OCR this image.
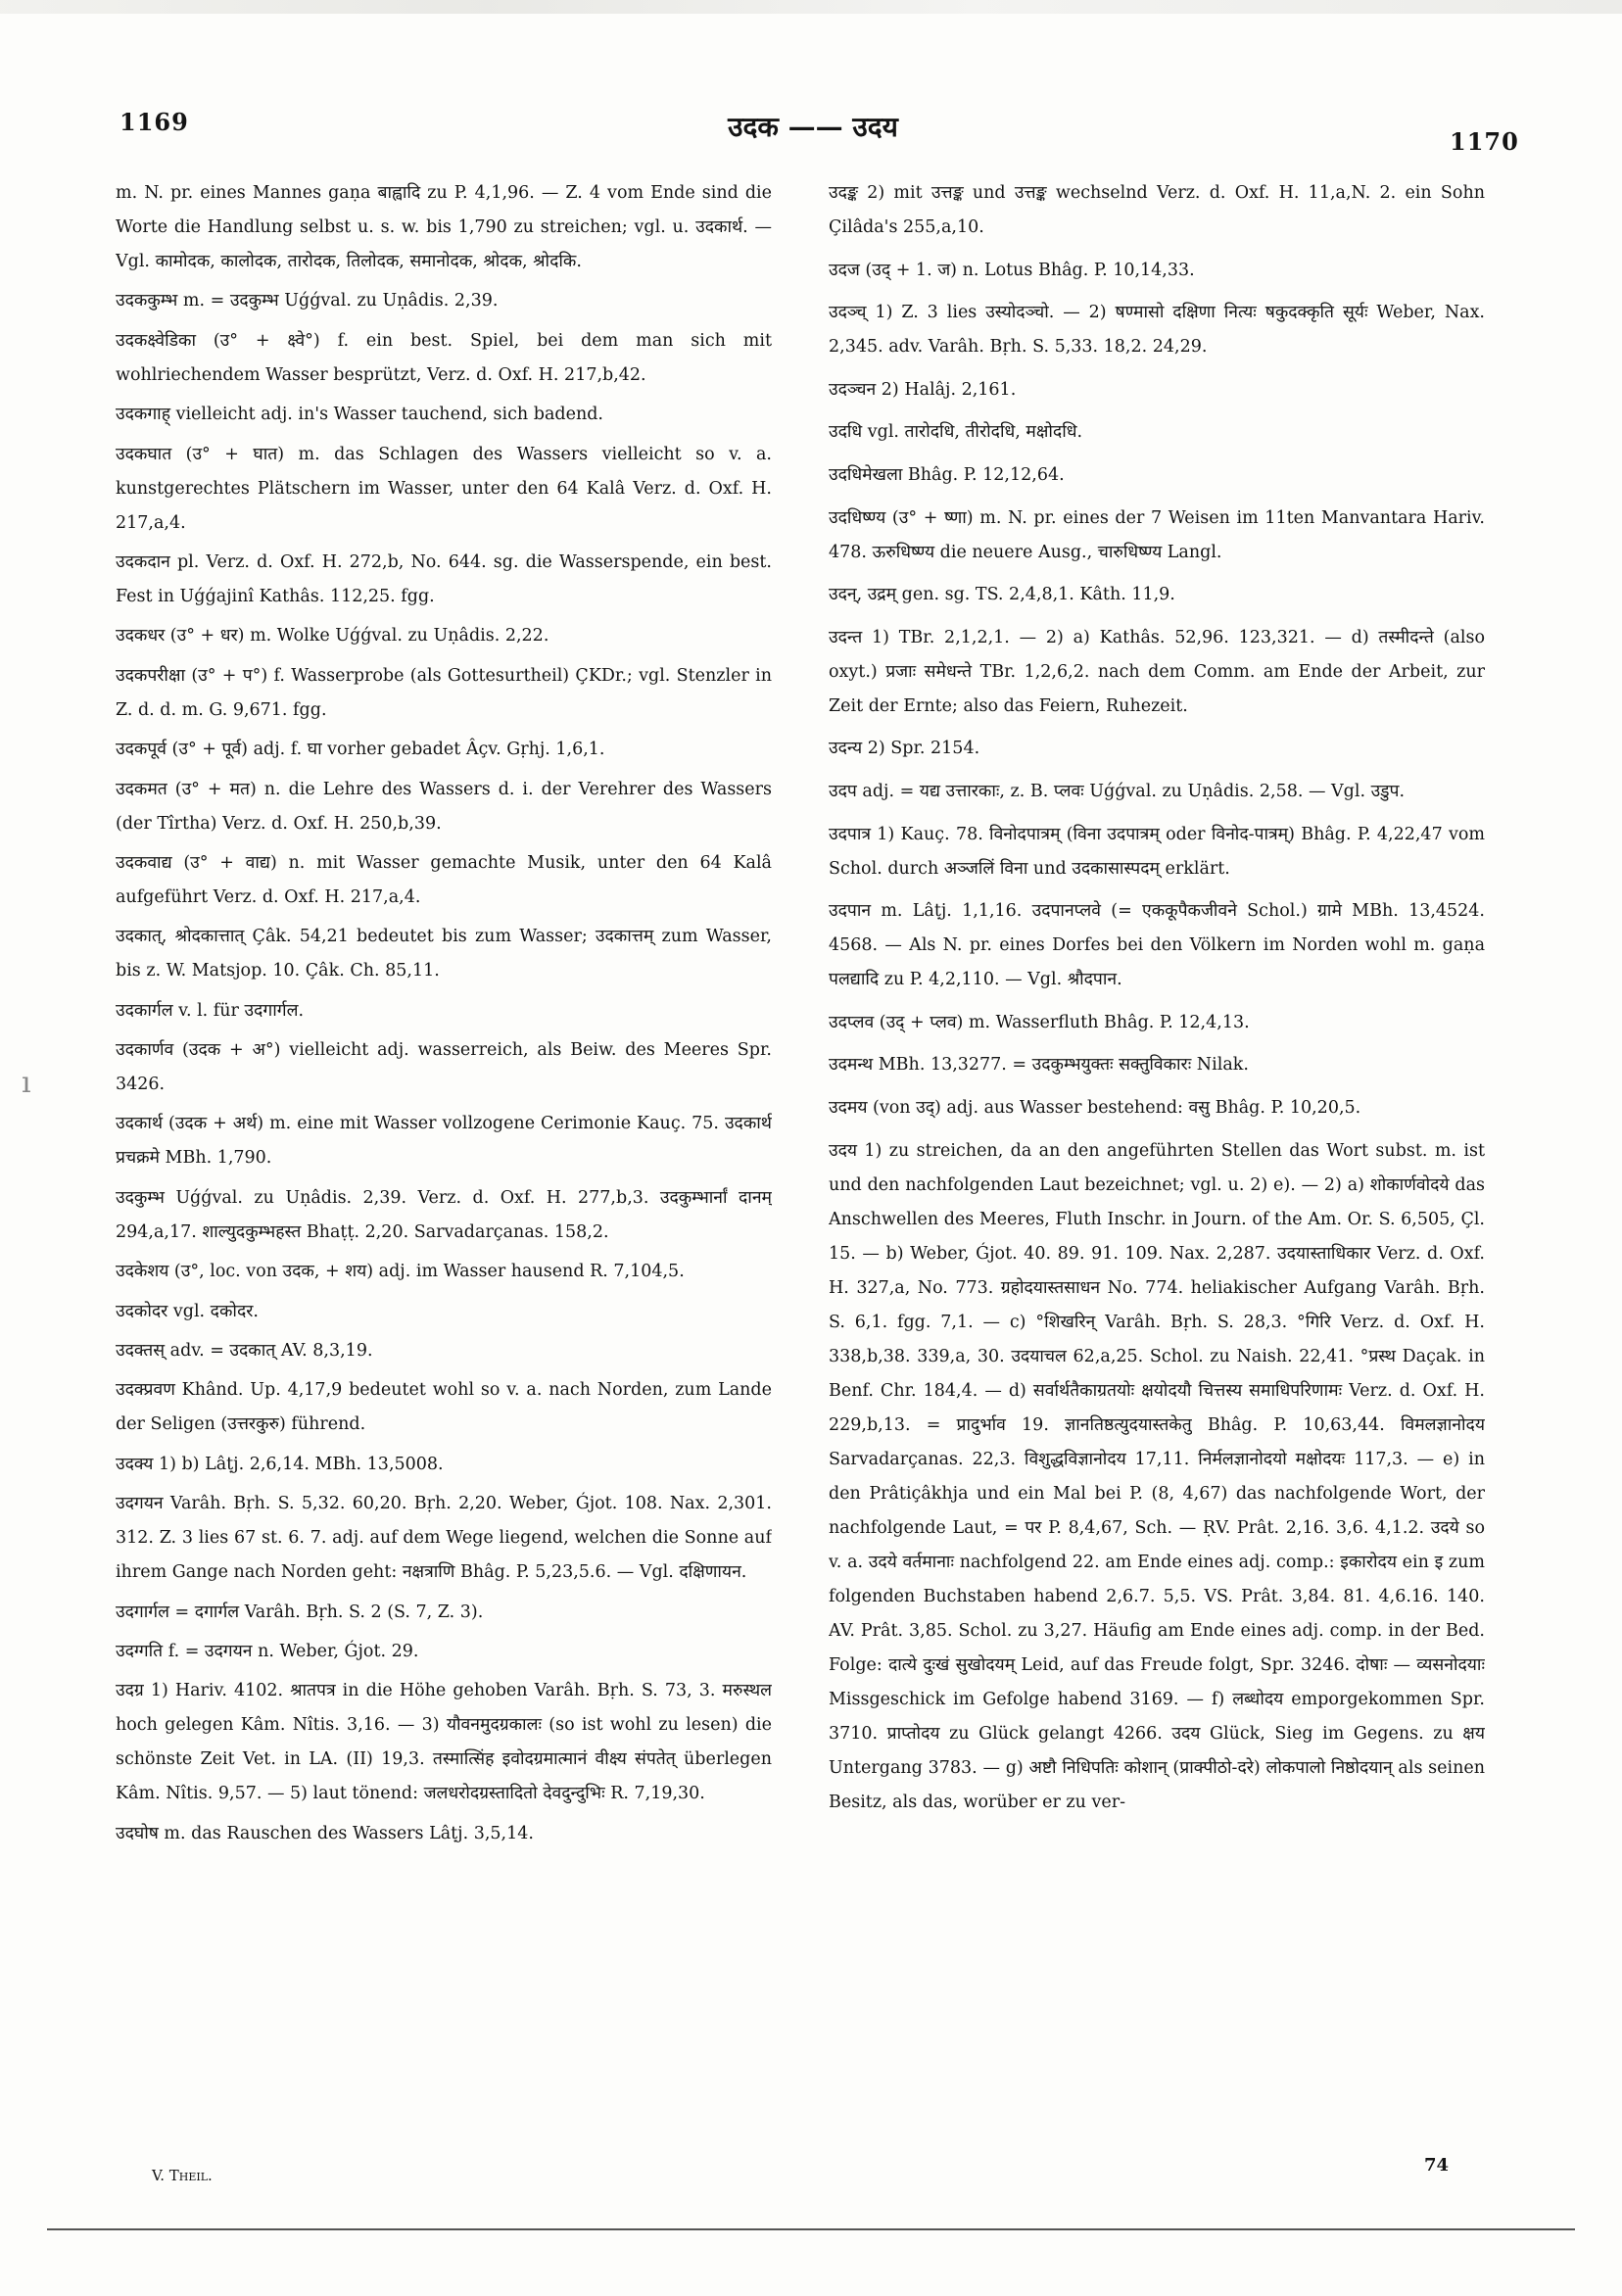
1169	उदक —— उदय	1170
ı

m. N. pr. eines Mannes gaṇa बाह्वादि zu P. 4,1,96. — Z. 4 vom Ende sind die Worte die Handlung selbst u. s. w. bis 1,790 zu streichen; vgl. u. उदकार्थ. — Vgl. कामोदक, कालोदक, तारोदक, तिलोदक, समानोदक, श्रोदक, श्रोदकि.

उदककुम्भ m. = उदकुम्भ Uǵǵval. zu Uṇâdis. 2,39.

उदकक्ष्वेडिका (उ° + क्ष्वे°) f. ein best. Spiel, bei dem man sich mit wohlriechendem Wasser besprützt, Verz. d. Oxf. H. 217,b,42.

उदकगाह् vielleicht adj. in's Wasser tauchend, sich badend.

उदकघात (उ° + घात) m. das Schlagen des Wassers vielleicht so v. a. kunstgerechtes Plätschern im Wasser, unter den 64 Kalâ Verz. d. Oxf. H. 217,a,4.

उदकदान pl. Verz. d. Oxf. H. 272,b, No. 644. sg. die Wasserspende, ein best. Fest in Uǵǵajinî Kathâs. 112,25. fgg.

उदकधर (उ° + धर) m. Wolke Uǵǵval. zu Uṇâdis. 2,22.

उदकपरीक्षा (उ° + प°) f. Wasserprobe (als Gottesurtheil) ÇKDr.; vgl. Stenzler in Z. d. d. m. G. 9,671. fgg.

उदकपूर्व (उ° + पूर्व) adj. f. घा vorher gebadet Âçv. Gṛhj. 1,6,1.

उदकमत (उ° + मत) n. die Lehre des Wassers d. i. der Verehrer des Wassers (der Tîrtha) Verz. d. Oxf. H. 250,b,39.

उदकवाद्य (उ° + वाद्य) n. mit Wasser gemachte Musik, unter den 64 Kalâ aufgeführt Verz. d. Oxf. H. 217,a,4.

उदकात्, श्रोदकात्तात् Çâk. 54,21 bedeutet bis zum Wasser; उदकात्तम् zum Wasser, bis z. W. Matsjop. 10. Çâk. Ch. 85,11.

उदकार्गल v. l. für उदगार्गल.

उदकार्णव (उदक + अ°) vielleicht adj. wasserreich, als Beiw. des Meeres Spr. 3426.

उदकार्थ (उदक + अर्थ) m. eine mit Wasser vollzogene Cerimonie Kauç. 75. उदकार्थ प्रचक्रमे MBh. 1,790.

उदकुम्भ Uǵǵval. zu Uṇâdis. 2,39. Verz. d. Oxf. H. 277,b,3. उदकुम्भार्नां दानम् 294,a,17. शाल्युदकुम्भहस्त Bhaṭṭ. 2,20. Sarvadarçanas. 158,2.

उदकेशय (उ°, loc. von उदक, + शय) adj. im Wasser hausend R. 7,104,5.

उदकोदर vgl. दकोदर.

उदक्तस् adv. = उदकात् AV. 8,3,19.

उदक्प्रवण Khând. Up. 4,17,9 bedeutet wohl so v. a. nach Norden, zum Lande der Seligen (उत्तरकुरु) führend.

उदक्य 1) b) Lâṭj. 2,6,14. MBh. 13,5008.

उदगयन Varâh. Bṛh. S. 5,32. 60,20. Bṛh. 2,20. Weber, Ǵjot. 108. Nax. 2,301. 312. Z. 3 lies 67 st. 6. 7. adj. auf dem Wege liegend, welchen die Sonne auf ihrem Gange nach Norden geht: नक्षत्राणि Bhâg. P. 5,23,5.6. — Vgl. दक्षिणायन.

उदगार्गल = दगार्गल Varâh. Bṛh. S. 2 (S. 7, Z. 3).

उदग्गति f. = उदगयन n. Weber, Ǵjot. 29.

उदग्र 1) Hariv. 4102. श्रातपत्र in die Höhe gehoben Varâh. Bṛh. S. 73, 3. मरुस्थल hoch gelegen Kâm. Nîtis. 3,16. — 3) यौवनमुदग्रकालः (so ist wohl zu lesen) die schönste Zeit Vet. in LA. (II) 19,3. तस्मात्सिंह इवोदग्रमात्मानं वीक्ष्य संपतेत् überlegen Kâm. Nîtis. 9,57. — 5) laut tönend: जलधरोदग्रस्तादितो देवदुन्दुभिः R. 7,19,30.

उदघोष m. das Rauschen des Wassers Lâṭj. 3,5,14.

उदङ्क 2) mit उत्तङ्क und उत्तङ्क wechselnd Verz. d. Oxf. H. 11,a,N. 2. ein Sohn Çilâda's 255,a,10.

उदज (उद् + 1. ज) n. Lotus Bhâg. P. 10,14,33.

उदञ्च् 1) Z. 3 lies उस्योदञ्चो. — 2) षण्मासो दक्षिणा नित्यः षकुदक्कृति सूर्यः Weber, Nax. 2,345. adv. Varâh. Bṛh. S. 5,33. 18,2. 24,29.

उदञ्चन 2) Halâj. 2,161.

उदधि vgl. तारोदधि, तीरोदधि, मक्षोदधि.

उदधिमेखला Bhâg. P. 12,12,64.

उदधिष्ण्य (उ° + ष्णा) m. N. pr. eines der 7 Weisen im 11ten Manvantara Hariv. 478. ऊरुधिष्ण्य die neuere Ausg., चारुधिष्ण्य Langl.

उदन्, उद्रम् gen. sg. TS. 2,4,8,1. Kâth. 11,9.

उदन्त 1) TBr. 2,1,2,1. — 2) a) Kathâs. 52,96. 123,321. — d) तस्मीदन्ते (also oxyt.) प्रजाः समेधन्ते TBr. 1,2,6,2. nach dem Comm. am Ende der Arbeit, zur Zeit der Ernte; also das Feiern, Ruhezeit.

उदन्य 2) Spr. 2154.

उदप adj. = यद्य उत्तारकाः, z. B. प्लवः Uǵǵval. zu Uṇâdis. 2,58. — Vgl. उडुप.

उदपात्र 1) Kauç. 78. विनोदपात्रम् (विना उदपात्रम् oder विनोद-पात्रम्) Bhâg. P. 4,22,47 vom Schol. durch अञ्जलिं विना und उदकासास्पदम् erklärt.

उदपान m. Lâṭj. 1,1,16. उदपानप्लवे (= एककूपैकजीवने Schol.) ग्रामे MBh. 13,4524. 4568. — Als N. pr. eines Dorfes bei den Völkern im Norden wohl m. gaṇa पलद्यादि zu P. 4,2,110. — Vgl. श्रौदपान.

उदप्लव (उद् + प्लव) m. Wasserfluth Bhâg. P. 12,4,13.

उदमन्थ MBh. 13,3277. = उदकुम्भयुक्तः सक्तुविकारः Nilak.

उदमय (von उद्) adj. aus Wasser bestehend: वसु Bhâg. P. 10,20,5.

उदय 1) zu streichen, da an den angeführten Stellen das Wort subst. m. ist und den nachfolgenden Laut bezeichnet; vgl. u. 2) e). — 2) a) शोकार्णवोदये das Anschwellen des Meeres, Fluth Inschr. in Journ. of the Am. Or. S. 6,505, Çl. 15. — b) Weber, Ǵjot. 40. 89. 91. 109. Nax. 2,287. उदयास्ताधिकार Verz. d. Oxf. H. 327,a, No. 773. ग्रहोदयास्तसाधन No. 774. heliakischer Aufgang Varâh. Bṛh. S. 6,1. fgg. 7,1. — c) °शिखरिन् Varâh. Bṛh. S. 28,3. °गिरि Verz. d. Oxf. H. 338,b,38. 339,a, 30. उदयाचल 62,a,25. Schol. zu Naish. 22,41. °प्रस्थ Daçak. in Benf. Chr. 184,4. — d) सर्वार्थतैकाग्रतयोः क्षयोदयौ चित्तस्य समाधिपरिणामः Verz. d. Oxf. H. 229,b,13. = प्रादुर्भाव 19. ज्ञानतिष्ठत्युदयास्तकेतु Bhâg. P. 10,63,44. विमलज्ञानोदय Sarvadarçanas. 22,3. विशुद्धविज्ञानोदय 17,11. निर्मलज्ञानोदयो मक्षोदयः 117,3. — e) in den Prâtiçâkhja und ein Mal bei P. (8, 4,67) das nachfolgende Wort, der nachfolgende Laut, = पर P. 8,4,67, Sch. — ṚV. Prât. 2,16. 3,6. 4,1.2. उदये so v. a. उदये वर्तमानाः nachfolgend 22. am Ende eines adj. comp.: इकारोदय ein इ zum folgenden Buchstaben habend 2,6.7. 5,5. VS. Prât. 3,84. 81. 4,6.16. 140. AV. Prât. 3,85. Schol. zu 3,27. Häufig am Ende eines adj. comp. in der Bed. Folge: दात्ये दुःखं सुखोदयम् Leid, auf das Freude folgt, Spr. 3246. दोषाः — व्यसनोदयाः Missgeschick im Gefolge habend 3169. — f) लब्धोदय emporgekommen Spr. 3710. प्राप्तोदय zu Glück gelangt 4266. उदय Glück, Sieg im Gegens. zu क्षय Untergang 3783. — g) अष्टौ निधिपतिः कोशान् (प्राक्पीठो-दरे) लोकपालो निष्ठोदयान् als seinen Besitz, als das, worüber er zu ver-

V. Theil.	74
